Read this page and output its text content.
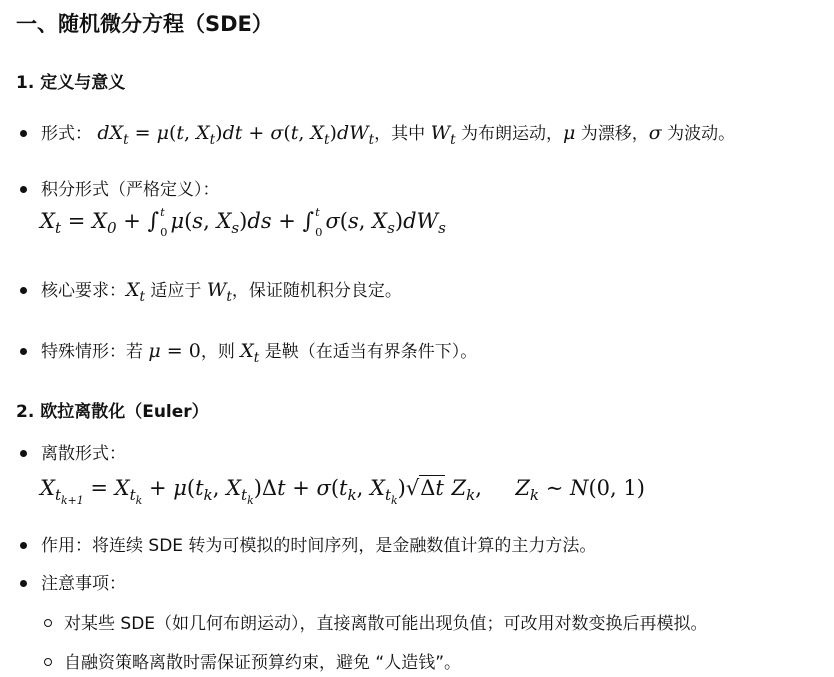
一、随机微分方程（SDE）
1. 定义与意义
形式： $dX_t = \mu(t$, $X_t)dt + \sigma(t$, $X_t)dW_t$，其中 $W_t$ 为布朗运动，μ 为漂移，σ 为波动。
积分形式（严格定义）：
$X_t = X_0$ + ∫ t
0 μ(s, $X_s)ds$ + ∫ t
0 σ(s, $X_s)dW_s$
核心要求：$X_t$ 适应于 $W_t$，保证随机积分良定。
特殊情形：若 μ = 0，则 $X_t$ 是鞅（在适当有界条件下）。
2. 欧拉离散化（Euler）
离散形式：
$X_{t_{k+1}} = X_{t_k} + \mu(t_k$, $X_{t_k})\Delta t + \sigma(t_k$, $X_{t_k})√\Delta t$ $Z_k$,     $Z_k$ ∼ N(0, 1)
作用：将连续 SDE 转为可模拟的时间序列，是金融数值计算的主力方法。
注意事项：
对某些 SDE（如几何布朗运动），直接离散可能出现负值；可改用对数变换后再模拟。
自融资策略离散时需保证预算约束，避免 “人造钱”。
